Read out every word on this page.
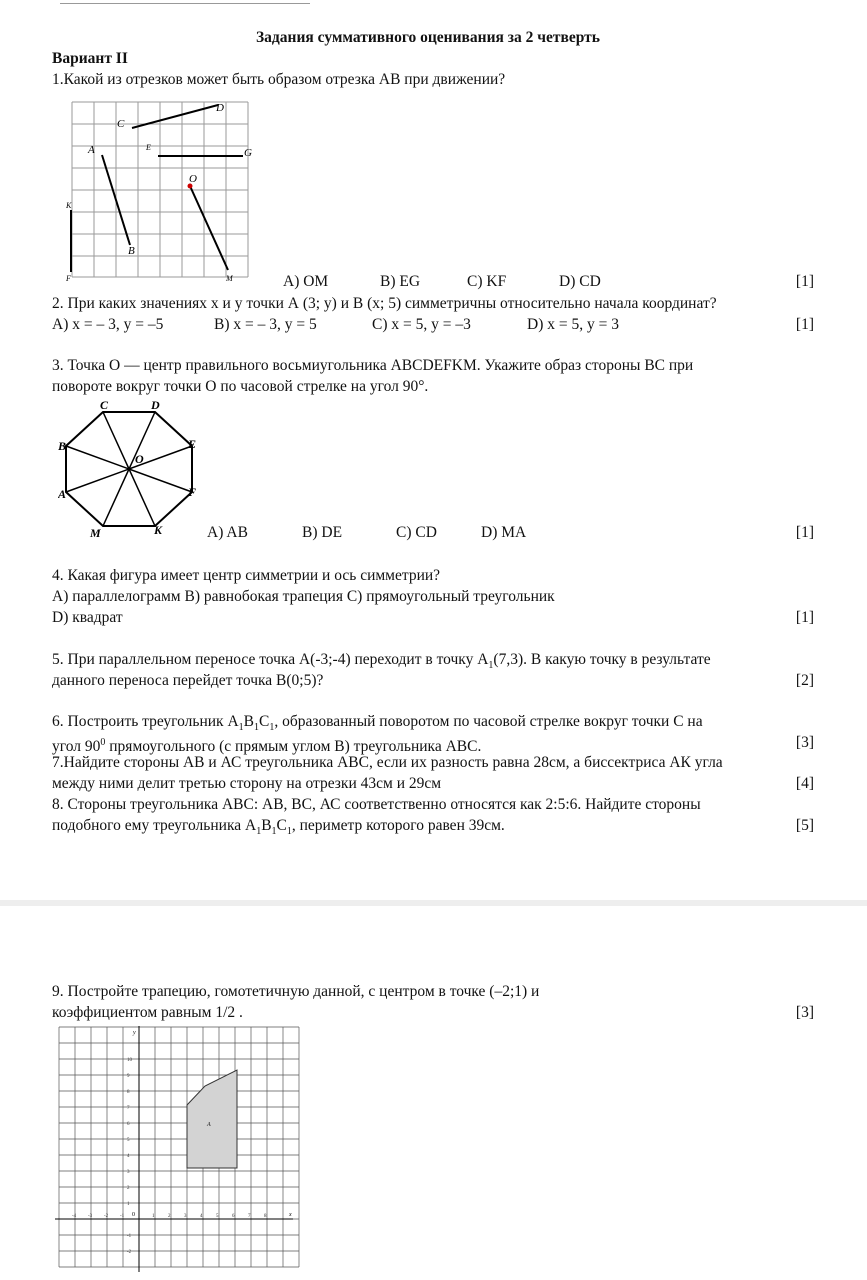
Задания суммативного оценивания за 2 четверть
Вариант II
1.Какой из отрезков может быть образом отрезка AB при движении?
A
B
C
D
E	G
O
K
F	M	A) OM	B) EG	C) KF	D) CD	[1]
2. При каких значениях x и y точки А (3; y) и В (x; 5) симметричны относительно начала координат?
A) x = – 3, y = –5	B) x = – 3, y = 5	C) x = 5, y = –3	D) x = 5, y = 3	[1]
3. Точка O — центр правильного восьмиугольника ABCDEFKM. Укажите образ стороны BC при
повороте вокруг точки O по часовой стрелке на угол 90°.
C	D
B	E
O
A	F
M	K	A) AB	B) DE	C) CD	D) MA	[1]
4. Какая фигура имеет центр симметрии и ось симметрии?
А) параллелограмм B) равнобокая трапеция C) прямоугольный треугольник
D) квадрат	[1]
5. При параллельном переносе точка А(-3;-4) переходит в точку $А_1(7,3)$. В какую точку в результате
данного переноса перейдет точка В(0;5)?	[2]
6. Построить треугольник $А_1В_1С_1$, образованный поворотом по часовой стрелке вокруг точки С на
угол $90^0$ прямоугольного (с прямым углом В) треугольника АВС.	[3]
7.Найдите стороны АВ и АС треугольника АВС, если их разность равна 28см, а биссектриса АК угла
между ними делит третью сторону на отрезки 43см и 29см	[4]
8. Стороны треугольника АВС: АВ, ВС, АС соответственно относятся как 2:5:6. Найдите стороны
подобного ему треугольника $А_1В_1С_1$, периметр которого равен 39см.	[5]
9. Постройте трапецию, гомотетичную данной, с центром в точке (–2;1) и
коэффициентом равным 1/2 .	[3]
A
x
y
0
-4 -3 -2 -1	1	2	3	4	5	6	7	8
10
9
8
7
6
5
4
3
2
1
-1
-2
